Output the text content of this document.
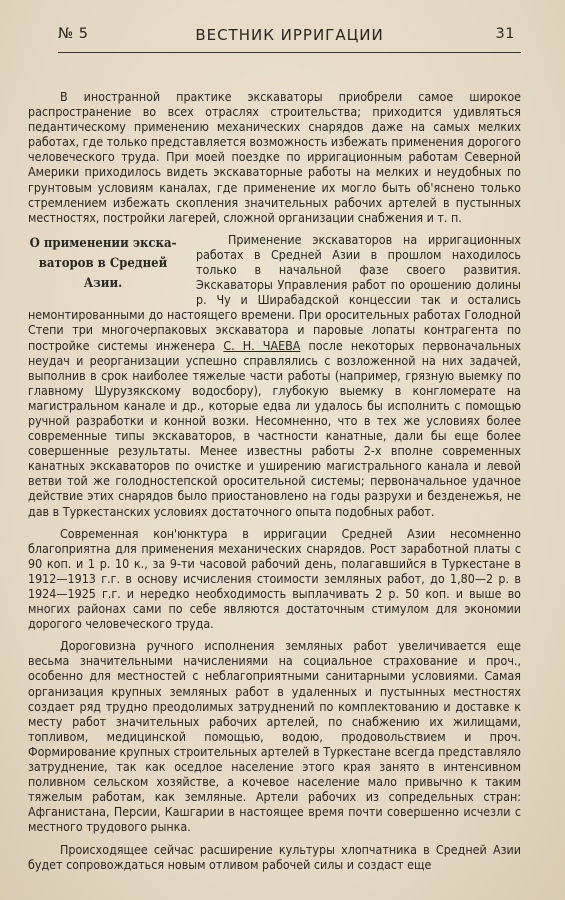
№ 5	ВЕСТНИК ИРРИГАЦИИ	31

В иностранной практике экскаваторы приобрели самое широкое распространение во всех отраслях строительства; приходится удивляться педантическому применению механических снарядов даже на самых мелких работах, где только представляется возможность избежать применения дорогого человеческого труда. При моей поездке по ирригационным работам Северной Америки приходилось видеть экскаваторные работы на мелких и неудобных по грунтовым условиям каналах, где применение их могло быть об'яснено только стремлением избежать скопления значительных рабочих артелей в пустынных местностях, постройки лагерей, сложной организации снабжения и т. п.

О применении экска-
ваторов в Средней
Азии.

Применение экскаваторов на ирригационных работах в Средней Азии в прошлом находилось только в начальной фазе своего развития. Экскаваторы Управления работ по орошению долины р. Чу и Ширабадской концессии так и остались немонтированными до настоящего времени. При оросительных работах Голодной Степи три многочерпаковых экскаватора и паровые лопаты контрагента по постройке системы инженера С. Н. ЧАЕВА после некоторых первоначальных неудач и реорганизации успешно справлялись с возложенной на них задачей, выполнив в срок наиболее тяжелые части работы (например, грязную выемку по главному Шурузякскому водосбору), глубокую выемку в конгломерате на магистральном канале и др., которые едва ли удалось бы исполнить с помощью ручной разработки и конной возки. Несомненно, что в тех же условиях более современные типы экскаваторов, в частности канатные, дали бы еще более совершенные результаты. Менее известны работы 2-х вполне современных канатных экскаваторов по очистке и уширению магистрального канала и левой ветви той же голодностепской оросительной системы; первоначальное удачное действие этих снарядов было приостановлено на годы разрухи и безденежья, не дав в Туркестанских условиях достаточного опыта подобных работ.

Современная кон'юнктура в ирригации Средней Азии несомненно благоприятна для применения механических снарядов. Рост заработной платы с 90 коп. и 1 р. 10 к., за 9-ти часовой рабочий день, полагавшийся в Туркестане в 1912—1913 г.г. в основу исчисления стоимости земляных работ, до 1,80—2 р. в 1924—1925 г.г. и нередко необходимость выплачивать 2 р. 50 коп. и выше во многих районах сами по себе являются достаточным стимулом для экономии дорогого человеческого труда.

Дороговизна ручного исполнения земляных работ увеличивается еще весьма значительными начислениями на социальное страхование и проч., особенно для местностей с неблагоприятными санитарными условиями. Самая организация крупных земляных работ в удаленных и пустынных местностях создает ряд трудно преодолимых затруднений по комплектованию и доставке к месту работ значительных рабочих артелей, по снабжению их жилищами, топливом, медицинской помощью, водою, продовольствием и проч. Формирование крупных строительных артелей в Туркестане всегда представляло затруднение, так как оседлое население этого края занято в интенсивном поливном сельском хозяйстве, а кочевое население мало привычно к таким тяжелым работам, как земляные. Артели рабочих из сопредельных стран: Афганистана, Персии, Кашгарии в настоящее время почти совершенно исчезли с местного трудового рынка.

Происходящее сейчас расширение культуры хлопчатника в Средней Азии будет сопровождаться новым отливом рабочей силы и создаст еще
